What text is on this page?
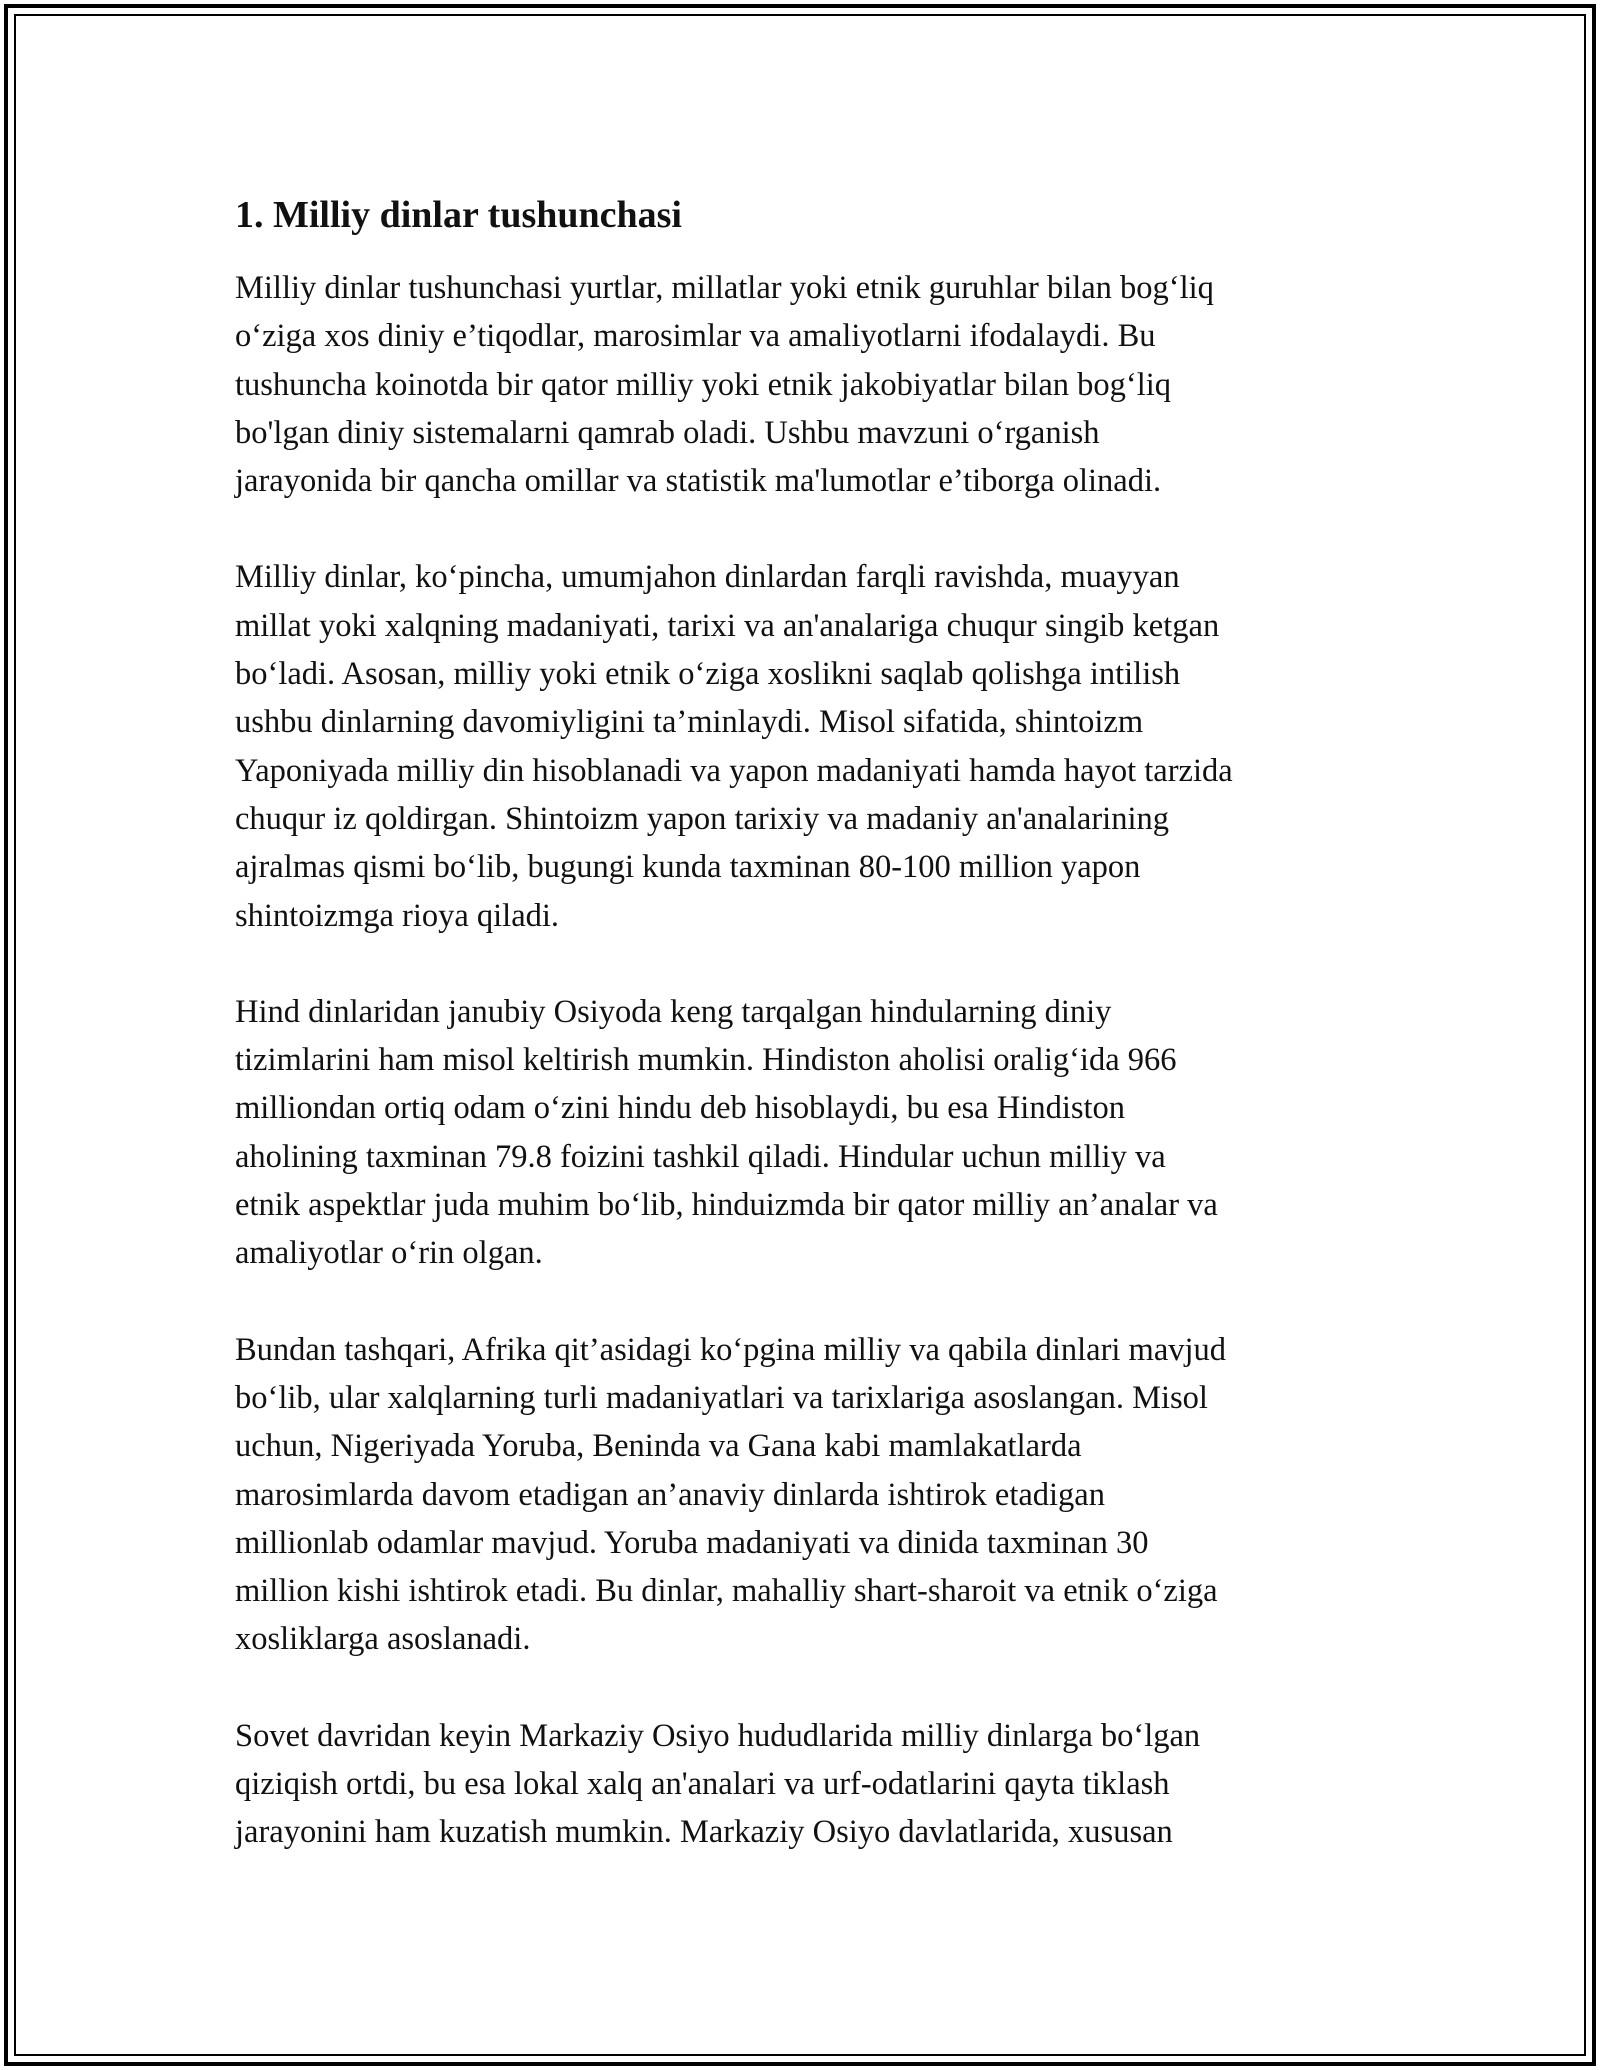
1. Milliy dinlar tushunchasi

Milliy dinlar tushunchasi yurtlar, millatlar yoki etnik guruhlar bilan bog‘liq
o‘ziga xos diniy e’tiqodlar, marosimlar va amaliyotlarni ifodalaydi. Bu
tushuncha koinotda bir qator milliy yoki etnik jakobiyatlar bilan bog‘liq
bo'lgan diniy sistemalarni qamrab oladi. Ushbu mavzuni o‘rganish
jarayonida bir qancha omillar va statistik ma'lumotlar e’tiborga olinadi.

Milliy dinlar, ko‘pincha, umumjahon dinlardan farqli ravishda, muayyan
millat yoki xalqning madaniyati, tarixi va an'analariga chuqur singib ketgan
bo‘ladi. Asosan, milliy yoki etnik o‘ziga xoslikni saqlab qolishga intilish
ushbu dinlarning davomiyligini ta’minlaydi. Misol sifatida, shintoizm
Yaponiyada milliy din hisoblanadi va yapon madaniyati hamda hayot tarzida
chuqur iz qoldirgan. Shintoizm yapon tarixiy va madaniy an'analarining
ajralmas qismi bo‘lib, bugungi kunda taxminan 80-100 million yapon
shintoizmga rioya qiladi.

Hind dinlaridan janubiy Osiyoda keng tarqalgan hindularning diniy
tizimlarini ham misol keltirish mumkin. Hindiston aholisi oralig‘ida 966
milliondan ortiq odam o‘zini hindu deb hisoblaydi, bu esa Hindiston
aholining taxminan 79.8 foizini tashkil qiladi. Hindular uchun milliy va
etnik aspektlar juda muhim bo‘lib, hinduizmda bir qator milliy an’analar va
amaliyotlar o‘rin olgan.

Bundan tashqari, Afrika qit’asidagi ko‘pgina milliy va qabila dinlari mavjud
bo‘lib, ular xalqlarning turli madaniyatlari va tarixlariga asoslangan. Misol
uchun, Nigeriyada Yoruba, Beninda va Gana kabi mamlakatlarda
marosimlarda davom etadigan an’anaviy dinlarda ishtirok etadigan
millionlab odamlar mavjud. Yoruba madaniyati va dinida taxminan 30
million kishi ishtirok etadi. Bu dinlar, mahalliy shart-sharoit va etnik o‘ziga
xosliklarga asoslanadi.

Sovet davridan keyin Markaziy Osiyo hududlarida milliy dinlarga bo‘lgan
qiziqish ortdi, bu esa lokal xalq an'analari va urf-odatlarini qayta tiklash
jarayonini ham kuzatish mumkin. Markaziy Osiyo davlatlarida, xususan
